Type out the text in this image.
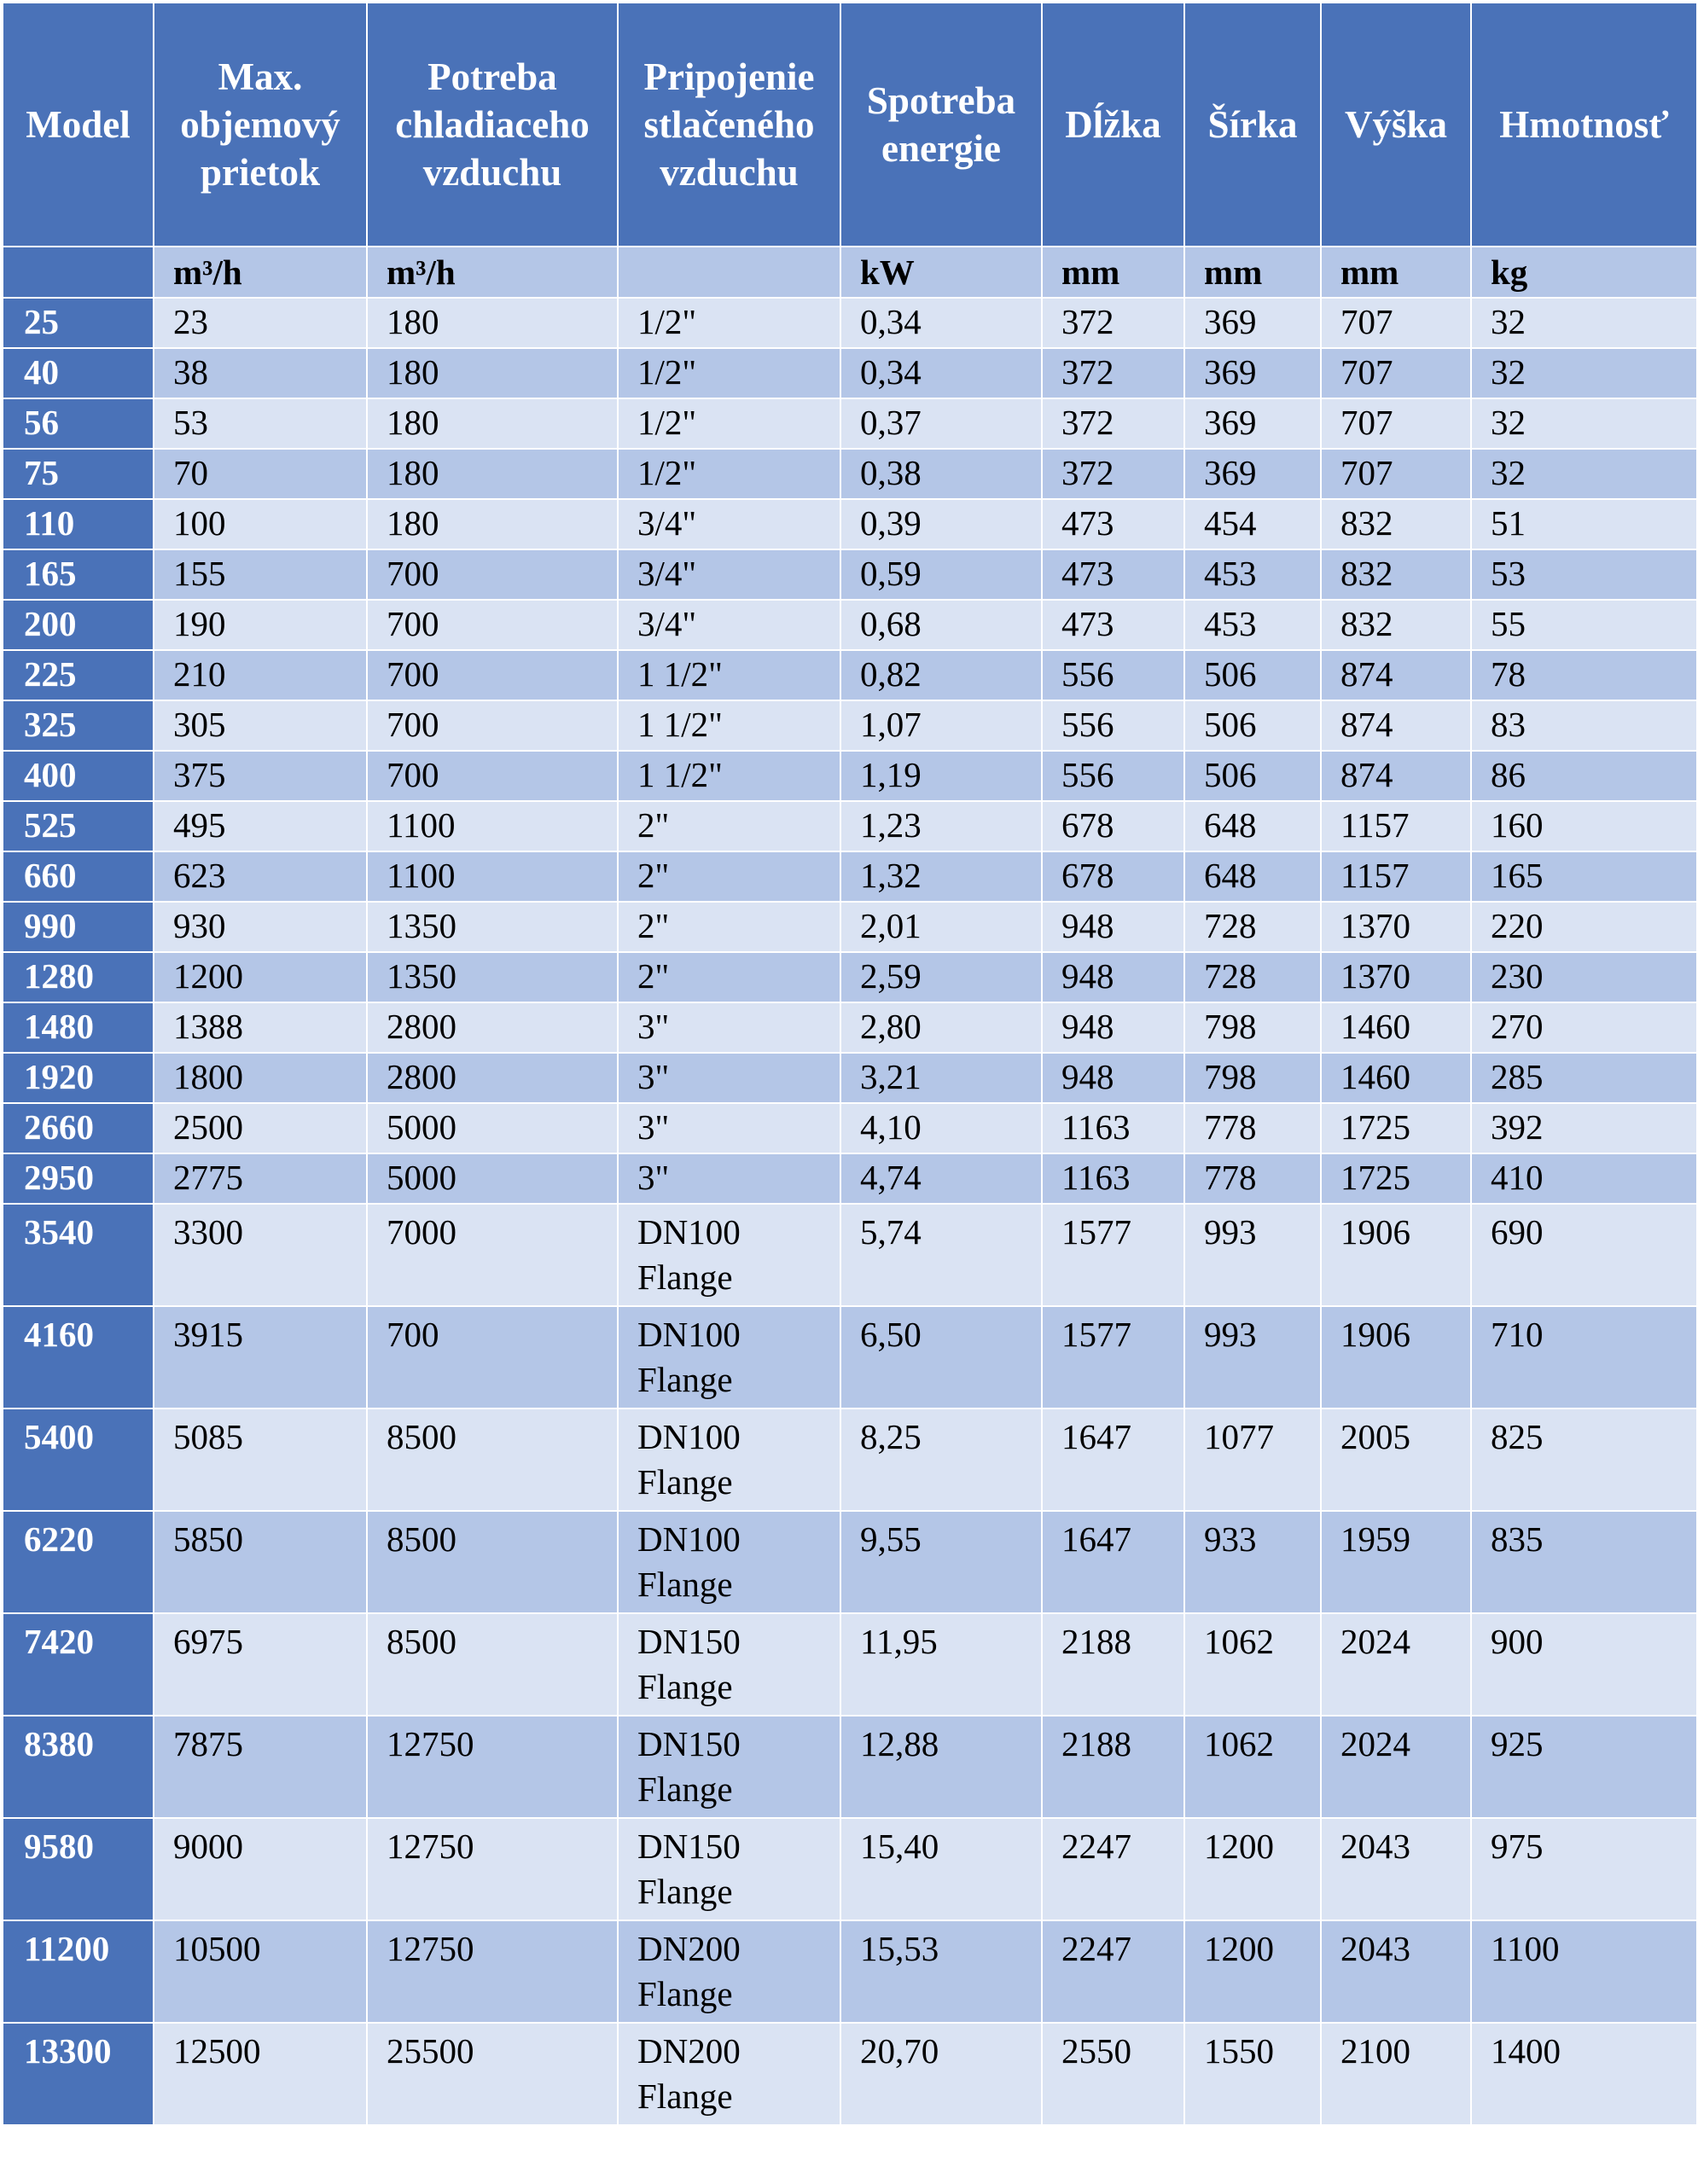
Model	Max. objemový prietok	Potreba chladiaceho vzduchu	Pripojenie stlačeného vzduchu	Spotreba energie	Dĺžka	Šírka	Výška	Hmotnosť
	m³/h	m³/h		kW	mm	mm	mm	kg
25	23	180	1/2"	0,34	372	369	707	32
40	38	180	1/2"	0,34	372	369	707	32
56	53	180	1/2"	0,37	372	369	707	32
75	70	180	1/2"	0,38	372	369	707	32
110	100	180	3/4"	0,39	473	454	832	51
165	155	700	3/4"	0,59	473	453	832	53
200	190	700	3/4"	0,68	473	453	832	55
225	210	700	1 1/2"	0,82	556	506	874	78
325	305	700	1 1/2"	1,07	556	506	874	83
400	375	700	1 1/2"	1,19	556	506	874	86
525	495	1100	2"	1,23	678	648	1157	160
660	623	1100	2"	1,32	678	648	1157	165
990	930	1350	2"	2,01	948	728	1370	220
1280	1200	1350	2"	2,59	948	728	1370	230
1480	1388	2800	3"	2,80	948	798	1460	270
1920	1800	2800	3"	3,21	948	798	1460	285
2660	2500	5000	3"	4,10	1163	778	1725	392
2950	2775	5000	3"	4,74	1163	778	1725	410
3540	3300	7000	DN100 Flange	5,74	1577	993	1906	690
4160	3915	700	DN100 Flange	6,50	1577	993	1906	710
5400	5085	8500	DN100 Flange	8,25	1647	1077	2005	825
6220	5850	8500	DN100 Flange	9,55	1647	933	1959	835
7420	6975	8500	DN150 Flange	11,95	2188	1062	2024	900
8380	7875	12750	DN150 Flange	12,88	2188	1062	2024	925
9580	9000	12750	DN150 Flange	15,40	2247	1200	2043	975
11200	10500	12750	DN200 Flange	15,53	2247	1200	2043	1100
13300	12500	25500	DN200 Flange	20,70	2550	1550	2100	1400
